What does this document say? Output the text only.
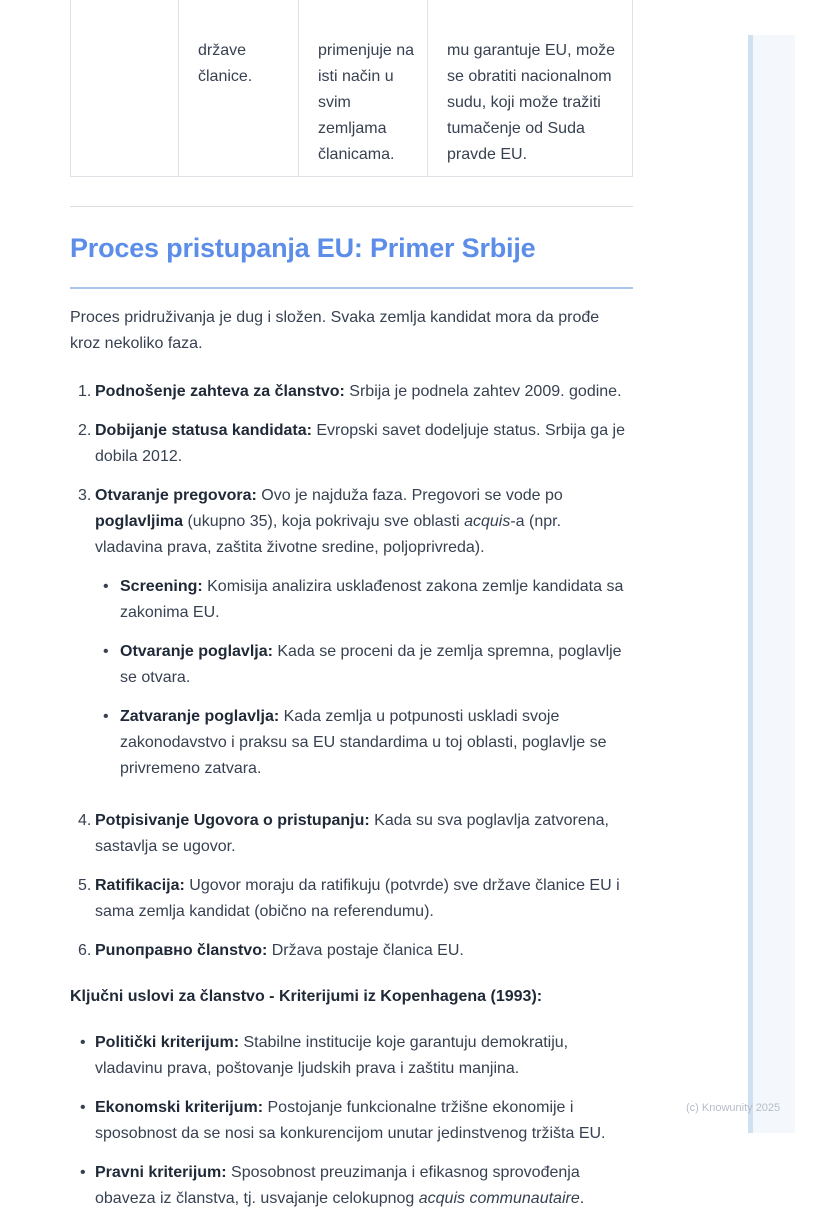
države članice.
primenjuje na isti način u svim zemljama članicama.
mu garantuje EU, može se obratiti nacionalnom sudu, koji može tražiti tumačenje od Suda pravde EU.
Proces pristupanja EU: Primer Srbije

Proces pridruživanja je dug i složen. Svaka zemlja kandidat mora da prođe kroz nekoliko faza.

1. Podnošenje zahteva za članstvo: Srbija je podnela zahtev 2009. godine.
2. Dobijanje statusa kandidata: Evropski savet dodeljuje status. Srbija ga je dobila 2012.
3. Otvaranje pregovora: Ovo je najduža faza. Pregovori se vode po poglavljima (ukupno 35), koja pokrivaju sve oblasti acquis-a (npr. vladavina prava, zaštita životne sredine, poljoprivreda).
• Screening: Komisija analizira usklađenost zakona zemlje kandidata sa zakonima EU.
• Otvaranje poglavlja: Kada se proceni da je zemlja spremna, poglavlje se otvara.
• Zatvaranje poglavlja: Kada zemlja u potpunosti uskladi svoje zakonodavstvo i praksu sa EU standardima u toj oblasti, poglavlje se privremeno zatvara.
4. Potpisivanje Ugovora o pristupanju: Kada su sva poglavlja zatvorena, sastavlja se ugovor.
5. Ratifikacija: Ugovor moraju da ratifikuju (potvrde) sve države članice EU i sama zemlja kandidat (obično na referendumu).
6. Punoправно članstvo: Država postaje članica EU.
Ključni uslovi za članstvo - Kriterijumi iz Kopenhagena (1993):
• Politički kriterijum: Stabilne institucije koje garantuju demokratiju, vladavinu prava, poštovanje ljudskih prava i zaštitu manjina.
• Ekonomski kriterijum: Postojanje funkcionalne tržišne ekonomije i sposobnost da se nosi sa konkurencijom unutar jedinstvenog tržišta EU.
• Pravni kriterijum: Sposobnost preuzimanja i efikasnog sprovođenja obaveza iz članstva, tj. usvajanje celokupnog acquis communautaire.
(c) Knowunity 2025
